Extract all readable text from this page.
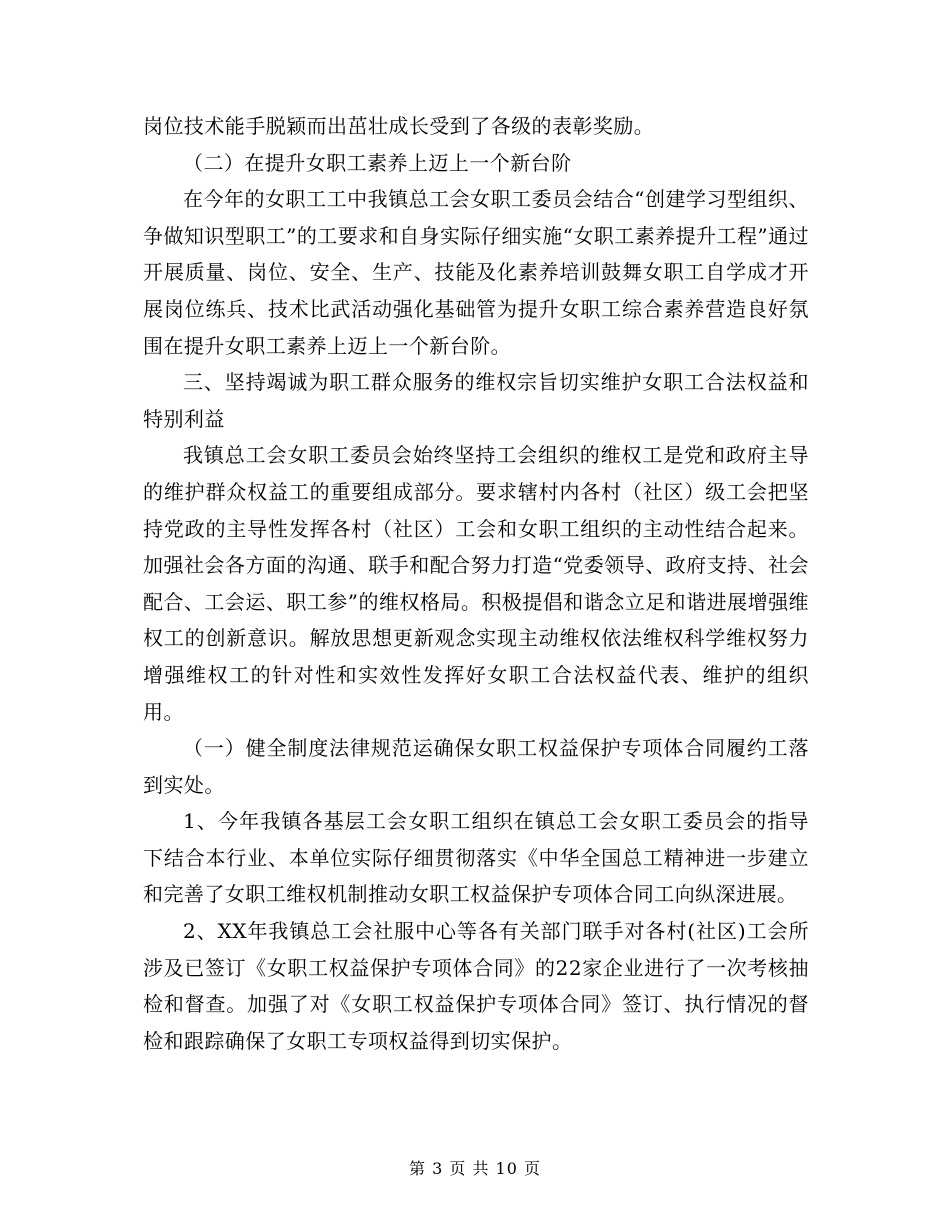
岗位技术能手脱颖而出茁壮成长受到了各级的表彰奖励。

（二）在提升女职工素养上迈上一个新台阶

在今年的女职工工中我镇总工会女职工委员会结合“创建学习型组织、争做知识型职工”的工要求和自身实际仔细实施“女职工素养提升工程”通过开展质量、岗位、安全、生产、技能及化素养培训鼓舞女职工自学成才开展岗位练兵、技术比武活动强化基础管为提升女职工综合素养营造良好氛围在提升女职工素养上迈上一个新台阶。

三、坚持竭诚为职工群众服务的维权宗旨切实维护女职工合法权益和特别利益

我镇总工会女职工委员会始终坚持工会组织的维权工是党和政府主导的维护群众权益工的重要组成部分。要求辖村内各村（社区）级工会把坚持党政的主导性发挥各村（社区）工会和女职工组织的主动性结合起来。加强社会各方面的沟通、联手和配合努力打造“党委领导、政府支持、社会配合、工会运、职工参”的维权格局。积极提倡和谐念立足和谐进展增强维权工的创新意识。解放思想更新观念实现主动维权依法维权科学维权努力增强维权工的针对性和实效性发挥好女职工合法权益代表、维护的组织用。

（一）健全制度法律规范运确保女职工权益保护专项体合同履约工落到实处。

1、今年我镇各基层工会女职工组织在镇总工会女职工委员会的指导下结合本行业、本单位实际仔细贯彻落实《中华全国总工精神进一步建立和完善了女职工维权机制推动女职工权益保护专项体合同工向纵深进展。

2、XX年我镇总工会社服中心等各有关部门联手对各村(社区)工会所涉及已签订《女职工权益保护专项体合同》的22家企业进行了一次考核抽检和督查。加强了对《女职工权益保护专项体合同》签订、执行情况的督检和跟踪确保了女职工专项权益得到切实保护。

第 3 页 共 10 页
